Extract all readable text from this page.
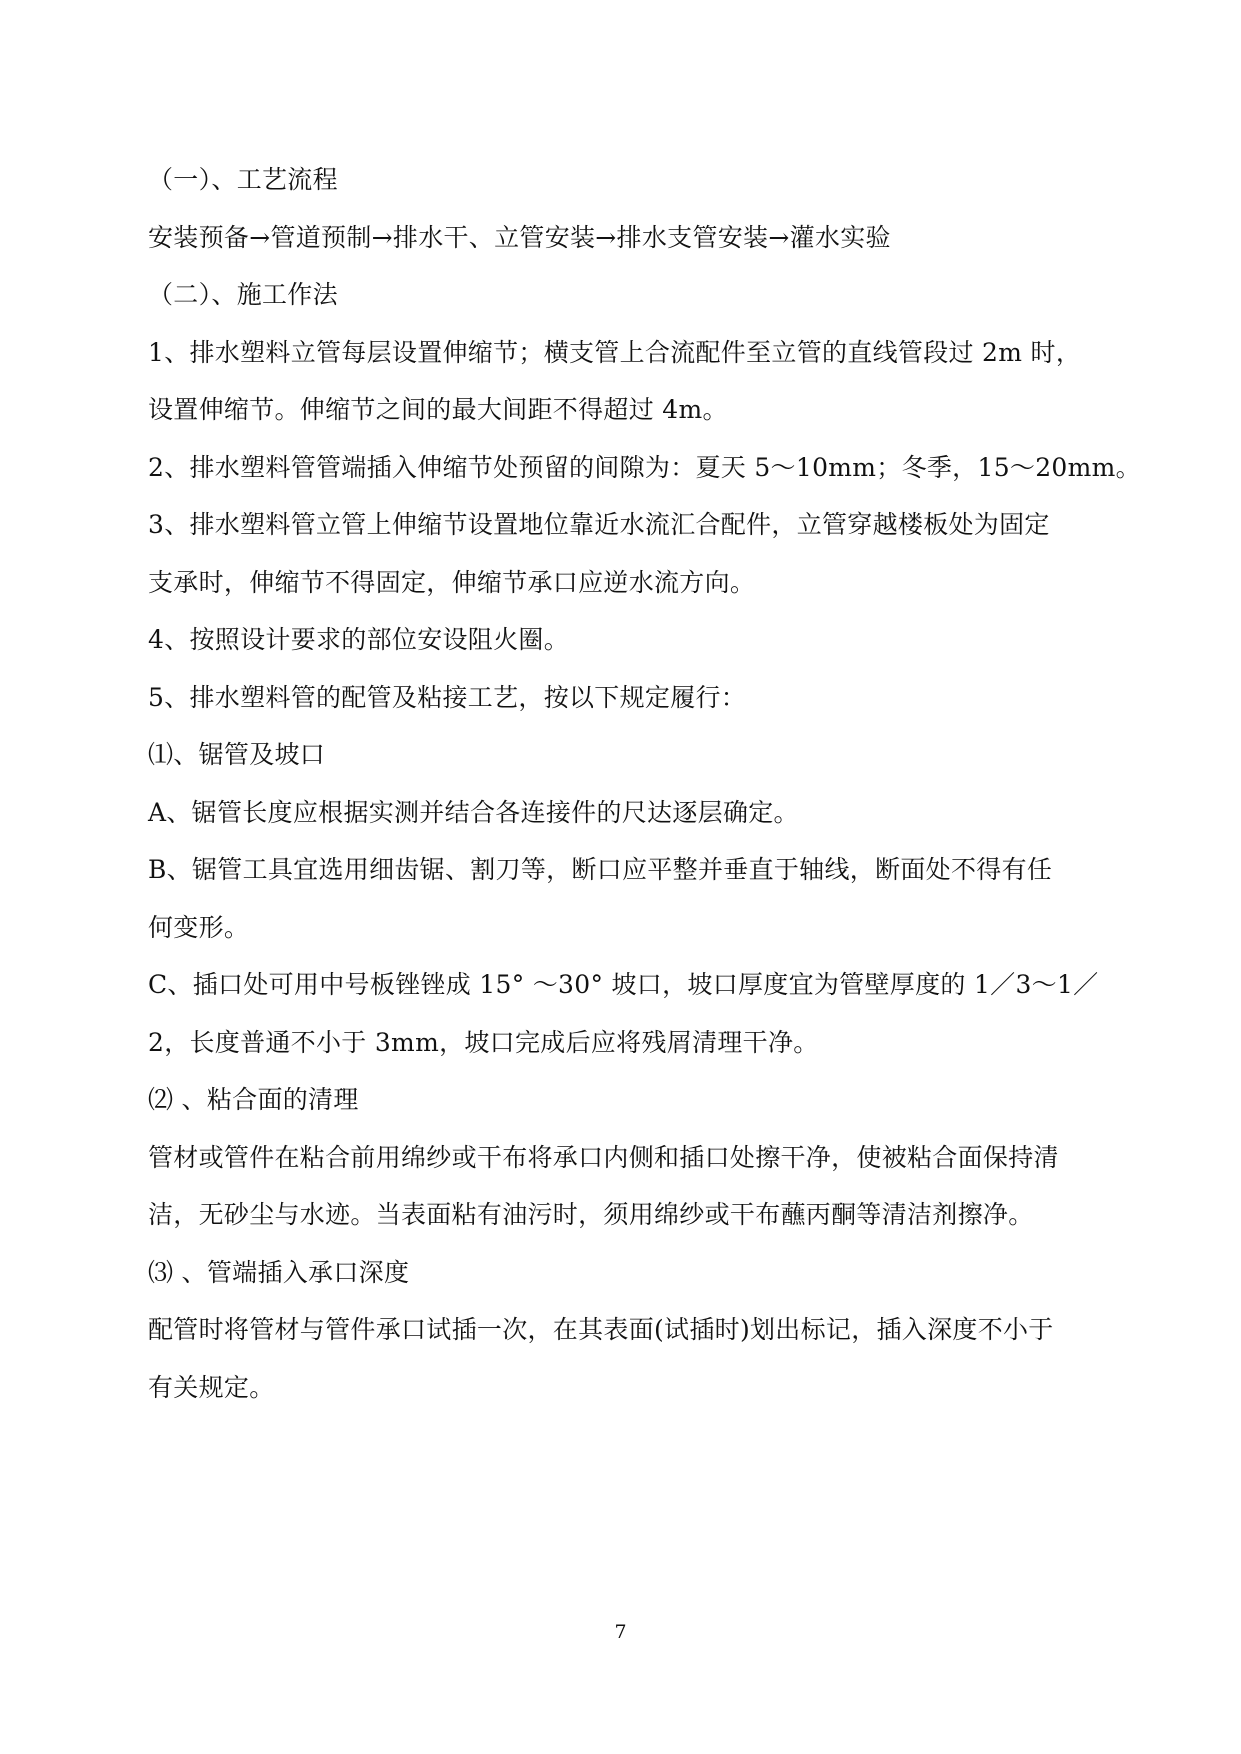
（一）、工艺流程
安装预备→管道预制→排水干、立管安装→排水支管安装→灌水实验
（二）、施工作法
1、排水塑料立管每层设置伸缩节；横支管上合流配件至立管的直线管段过 2m 时，
设置伸缩节。伸缩节之间的最大间距不得超过 4m。
2、排水塑料管管端插入伸缩节处预留的间隙为：夏天 5～10mm；冬季，15～20mm。
3、排水塑料管立管上伸缩节设置地位靠近水流汇合配件，立管穿越楼板处为固定
支承时，伸缩节不得固定，伸缩节承口应逆水流方向。
4、按照设计要求的部位安设阻火圈。
5、排水塑料管的配管及粘接工艺，按以下规定履行：
⑴、锯管及坡口
A、锯管长度应根据实测并结合各连接件的尺达逐层确定。
B、锯管工具宜选用细齿锯、割刀等，断口应平整并垂直于轴线，断面处不得有任
何变形。
C、插口处可用中号板锉锉成 15° ～30° 坡口，坡口厚度宜为管壁厚度的 1／3～1／
2，长度普通不小于 3mm，坡口完成后应将残屑清理干净。
⑵ 、粘合面的清理
管材或管件在粘合前用绵纱或干布将承口内侧和插口处擦干净，使被粘合面保持清
洁，无砂尘与水迹。当表面粘有油污时，须用绵纱或干布蘸丙酮等清洁剂擦净。
⑶ 、管端插入承口深度
配管时将管材与管件承口试插一次，在其表面(试插时)划出标记，插入深度不小于
有关规定。
7
